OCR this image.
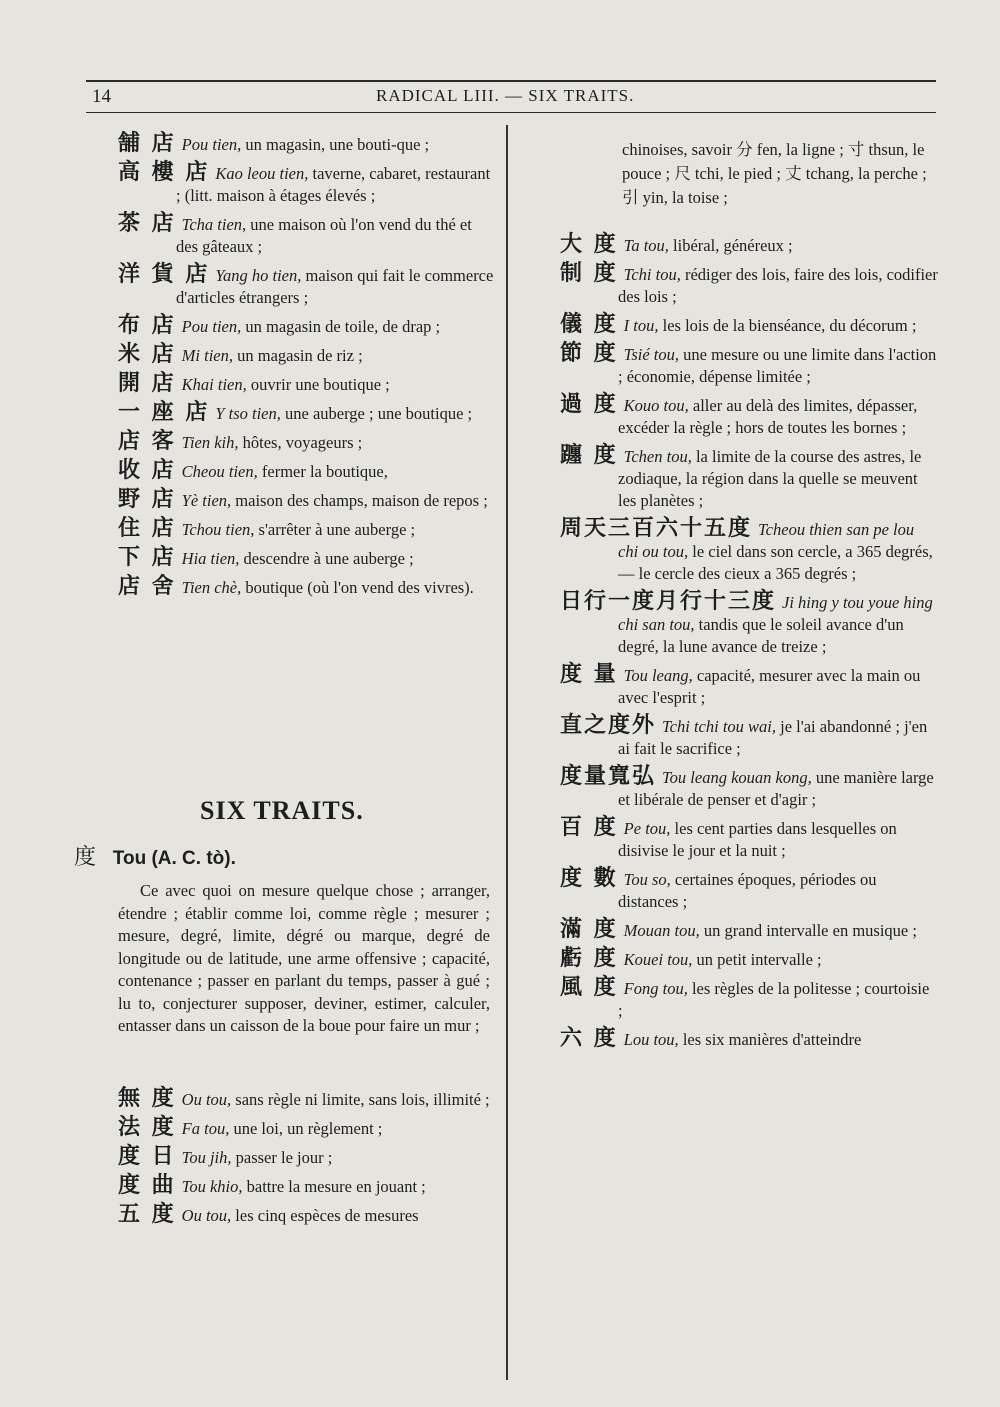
14	RADICAL LIII. — SIX TRAITS.
舗 店 Pou tien, un magasin, une bouti-que ;
高 樓 店 Kao leou tien, taverne, cabaret, restaurant ; (litt. maison à étages élevés ;
茶 店 Tcha tien, une maison où l'on vend du thé et des gâteaux ;
洋 貨 店 Yang ho tien, maison qui fait le commerce d'articles étrangers ;
布 店 Pou tien, un magasin de toile, de drap ;
米 店 Mi tien, un magasin de riz ;
開 店 Khai tien, ouvrir une boutique ;
一 座 店 Y tso tien, une auberge ; une boutique ;
店 客 Tien kih, hôtes, voyageurs ;
收 店 Cheou tien, fermer la boutique,
野 店 Yè tien, maison des champs, maison de repos ;
住 店 Tchou tien, s'arrêter à une auberge ;
下 店 Hia tien, descendre à une auberge ;
店 舍 Tien chè, boutique (où l'on vend des vivres).
SIX TRAITS.
度 Tou (A. C. tò).
Ce avec quoi on mesure quelque chose ; arranger, étendre ; établir comme loi, comme règle ; mesurer ; mesure, degré, limite, dégré ou marque, degré de longitude ou de latitude, une arme offensive ; capacité, contenance ; passer en parlant du temps, passer à gué ; lu to, conjecturer supposer, deviner, estimer, calculer, entasser dans un caisson de la boue pour faire un mur ;
無 度 Ou tou, sans règle ni limite, sans lois, illimité ;
法 度 Fa tou, une loi, un règlement ;
度 日 Tou jih, passer le jour ;
度 曲 Tou khio, battre la mesure en jouant ;
五 度 Ou tou, les cinq espèces de mesures
chinoises, savoir 分 fen, la ligne ; 寸 thsun, le pouce ; 尺 tchi, le pied ; 丈 tchang, la perche ; 引 yin, la toise ;
大 度 Ta tou, libéral, généreux ;
制 度 Tchi tou, rédiger des lois, faire des lois, codifier des lois ;
儀 度 I tou, les lois de la bienséance, du décorum ;
節 度 Tsié tou, une mesure ou une limite dans l'action ; économie, dépense limitée ;
過 度 Kouo tou, aller au delà des limites, dépasser, excéder la règle ; hors de toutes les bornes ;
躔 度 Tchen tou, la limite de la course des astres, le zodiaque, la région dans la quelle se meuvent les planètes ;
周天三百六十五度 Tcheou thien san pe lou chi ou tou, le ciel dans son cercle, a 365 degrés, — le cercle des cieux a 365 degrés ;
日行一度月行十三度 Ji hing y tou youe hing chi san tou, tandis que le soleil avance d'un degré, la lune avance de treize ;
度 量 Tou leang, capacité, mesurer avec la main ou avec l'esprit ;
直之度外 Tchi tchi tou wai, je l'ai abandonné ; j'en ai fait le sacrifice ;
度量寬弘 Tou leang kouan kong, une manière large et libérale de penser et d'agir ;
百 度 Pe tou, les cent parties dans lesquelles on disivise le jour et la nuit ;
度 數 Tou so, certaines époques, périodes ou distances ;
滿 度 Mouan tou, un grand intervalle en musique ;
虧 度 Kouei tou, un petit intervalle ;
風 度 Fong tou, les règles de la politesse ; courtoisie ;
六 度 Lou tou, les six manières d'atteindre
